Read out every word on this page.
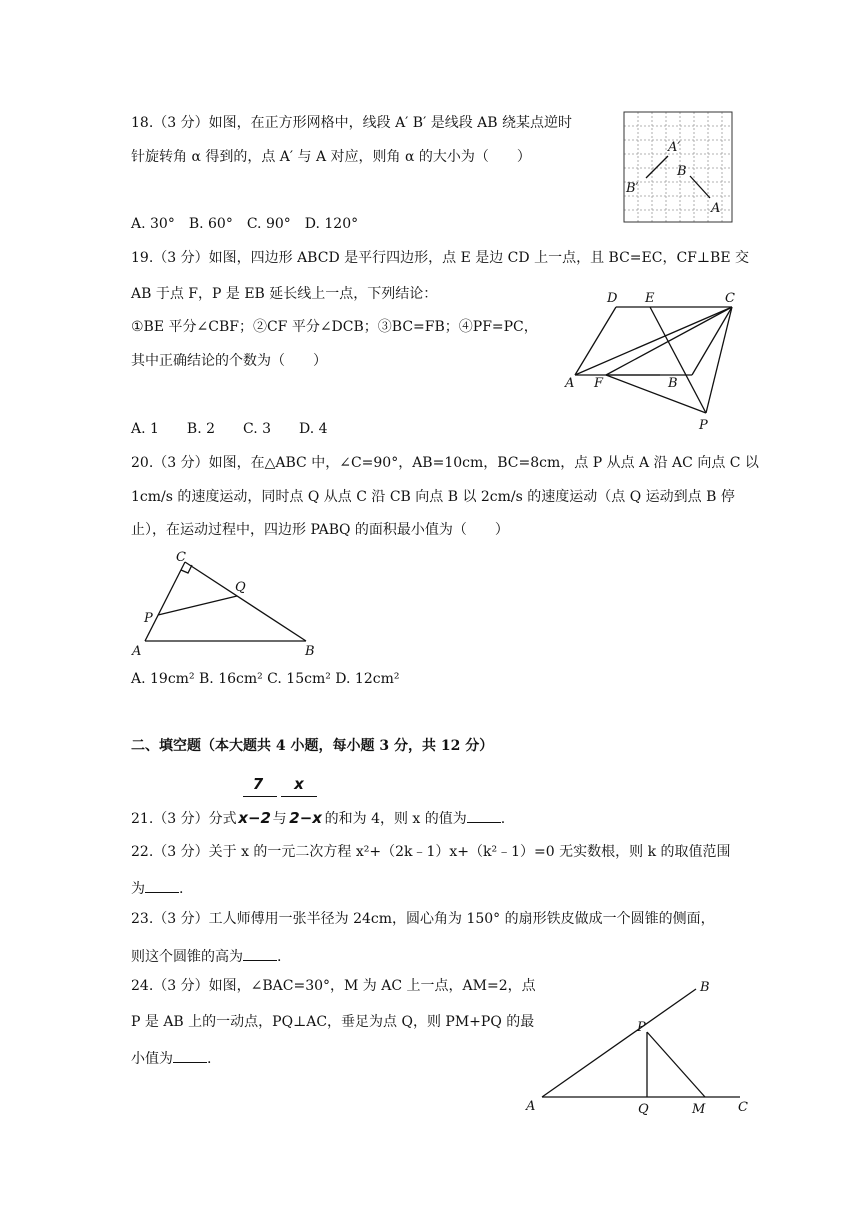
18.（3 分）如图，在正方形网格中，线段 A′ B′ 是线段 AB 绕某点逆时
针旋转角 α 得到的，点 A′ 与 A 对应，则角 α 的大小为（　　）
A. 30°　B. 60°　C. 90°　D. 120°
A′
B′
B
A
19.（3 分）如图，四边形 ABCD 是平行四边形，点 E 是边 CD 上一点，且 BC=EC，CF⊥BE 交
AB 于点 F，P 是 EB 延长线上一点，下列结论：
①BE 平分∠CBF；②CF 平分∠DCB；③BC=FB；④PF=PC，
其中正确结论的个数为（　　）
A. 1　　B. 2　　C. 3　　D. 4
D E	C
A F	B
P
20.（3 分）如图，在△ABC 中，∠C=90°，AB=10cm，BC=8cm，点 P 从点 A 沿 AC 向点 C 以
1cm/s 的速度运动，同时点 Q 从点 C 沿 CB 向点 B 以 2cm/s 的速度运动（点 Q 运动到点 B 停
止），在运动过程中，四边形 PABQ 的面积最小值为（　　）
C
Q
P
A	B
A. 19cm² B. 16cm² C. 15cm² D. 12cm²
二、填空题（本大题共 4 小题，每小题 3 分，共 12 分）
7	x
21.（3 分）分式 x−2 与 2−x 的和为 4，则 x 的值为 .
22.（3 分）关于 x 的一元二次方程 x²+（2k﹣1）x+（k²﹣1）=0 无实数根，则 k 的取值范围
为 .
23.（3 分）工人师傅用一张半径为 24cm，圆心角为 150° 的扇形铁皮做成一个圆锥的侧面，
则这个圆锥的高为 .
24.（3 分）如图，∠BAC=30°，M 为 AC 上一点，AM=2，点
P 是 AB 上的一动点，PQ⊥AC，垂足为点 Q，则 PM+PQ 的最
小值为 .
B
P
A	Q	M	C
